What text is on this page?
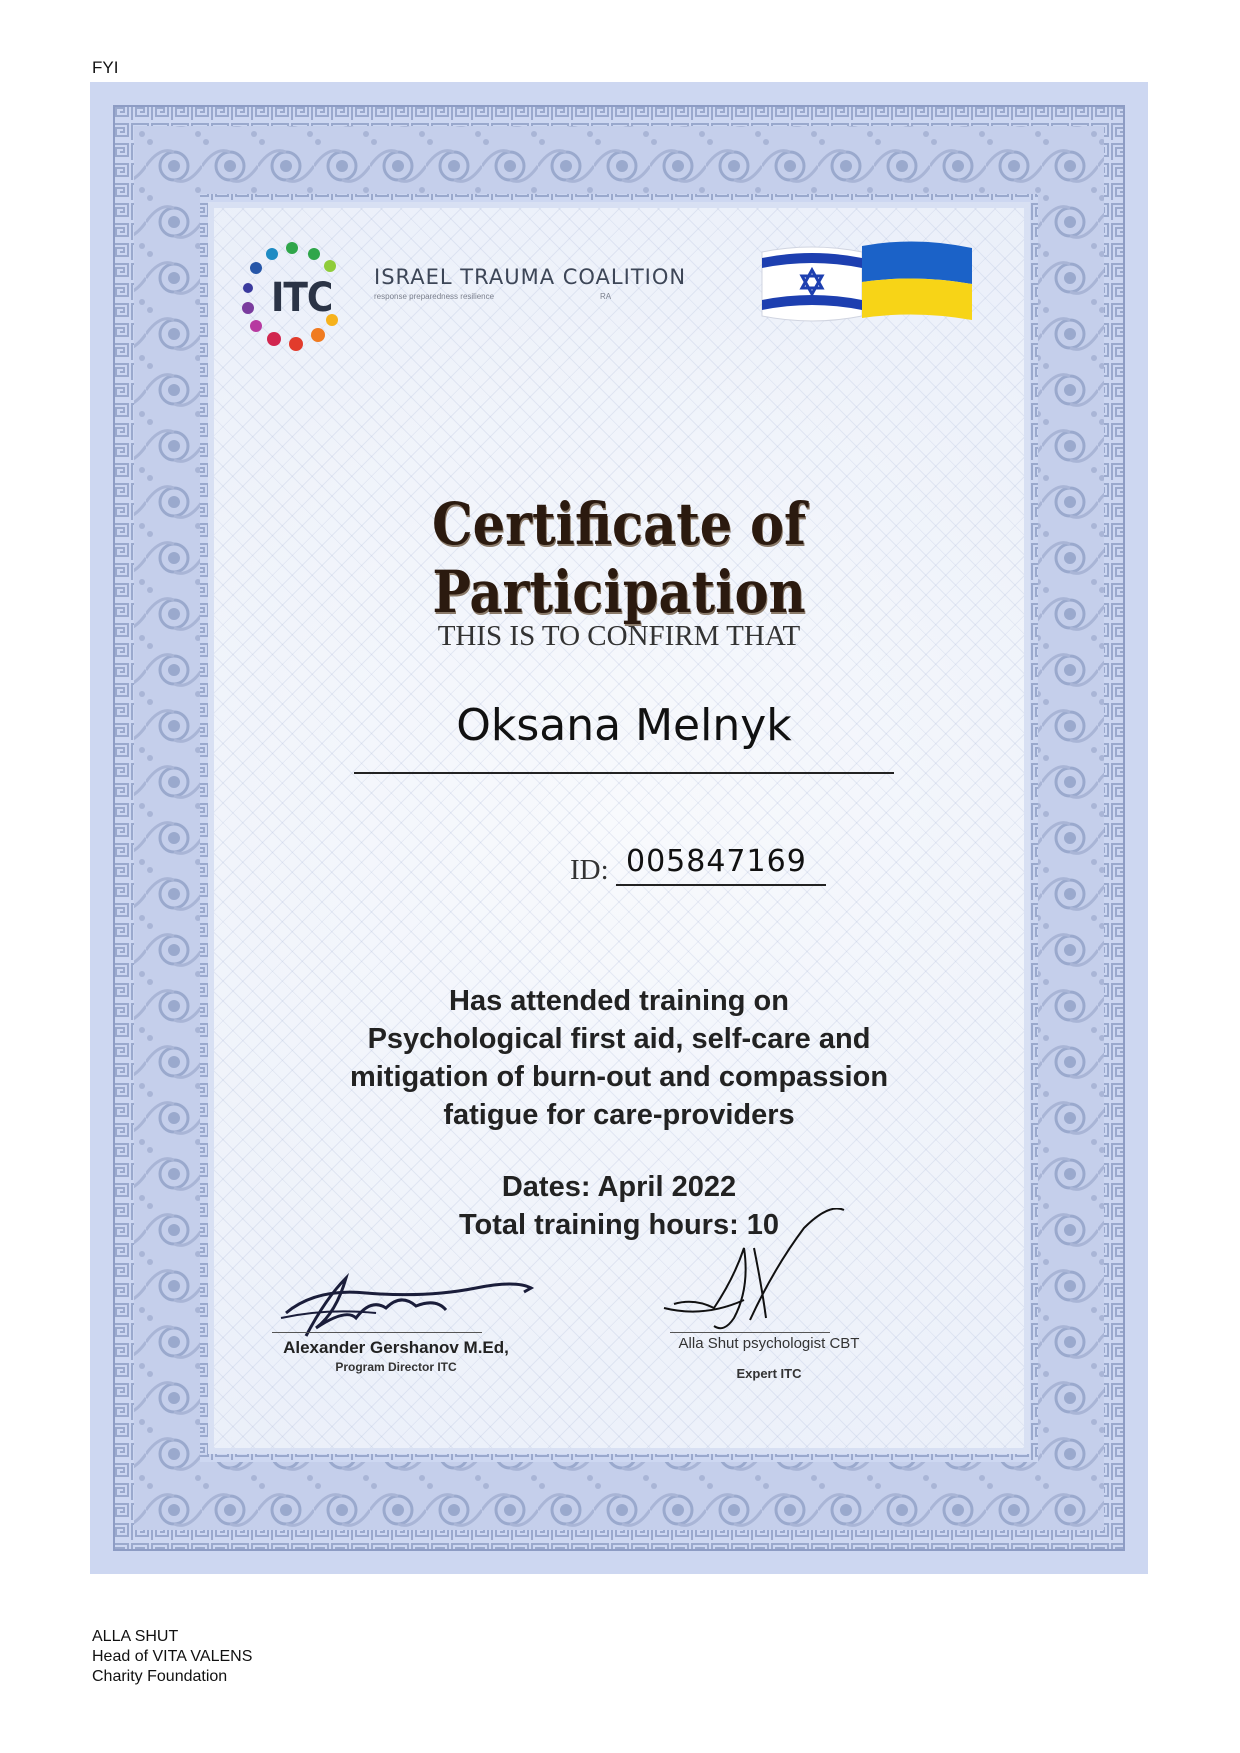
FYI
ITC ISRAEL TRAUMA COALITION
response preparedness resilience	RA
Certificate of Participation
THIS IS TO CONFIRM THAT
Oksana Melnyk
ID: 005847169
Has attended training on
Psychological first aid, self-care and
mitigation of burn-out and compassion
fatigue for care-providers
Dates: April 2022
Total training hours: 10
Alexander Gershanov M.Ed,
Program Director ITC
Alla Shut psychologist CBT
Expert ITC
ALLA SHUT
Head of VITA VALENS
Charity Foundation
